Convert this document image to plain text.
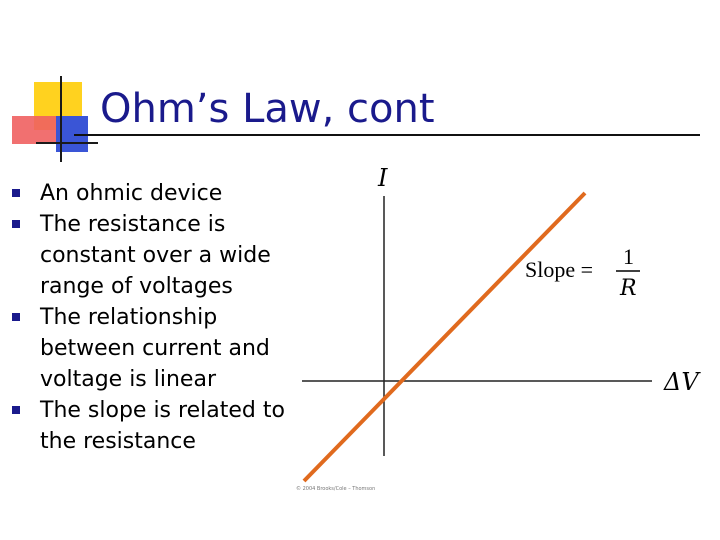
Ohm’s Law, cont
An ohmic device
The resistance is constant over a wide range of voltages
The relationship between current and voltage is linear
The slope is related to the resistance
I
ΔV
Slope =
1
R
© 2004 Brooks/Cole – Thomson
